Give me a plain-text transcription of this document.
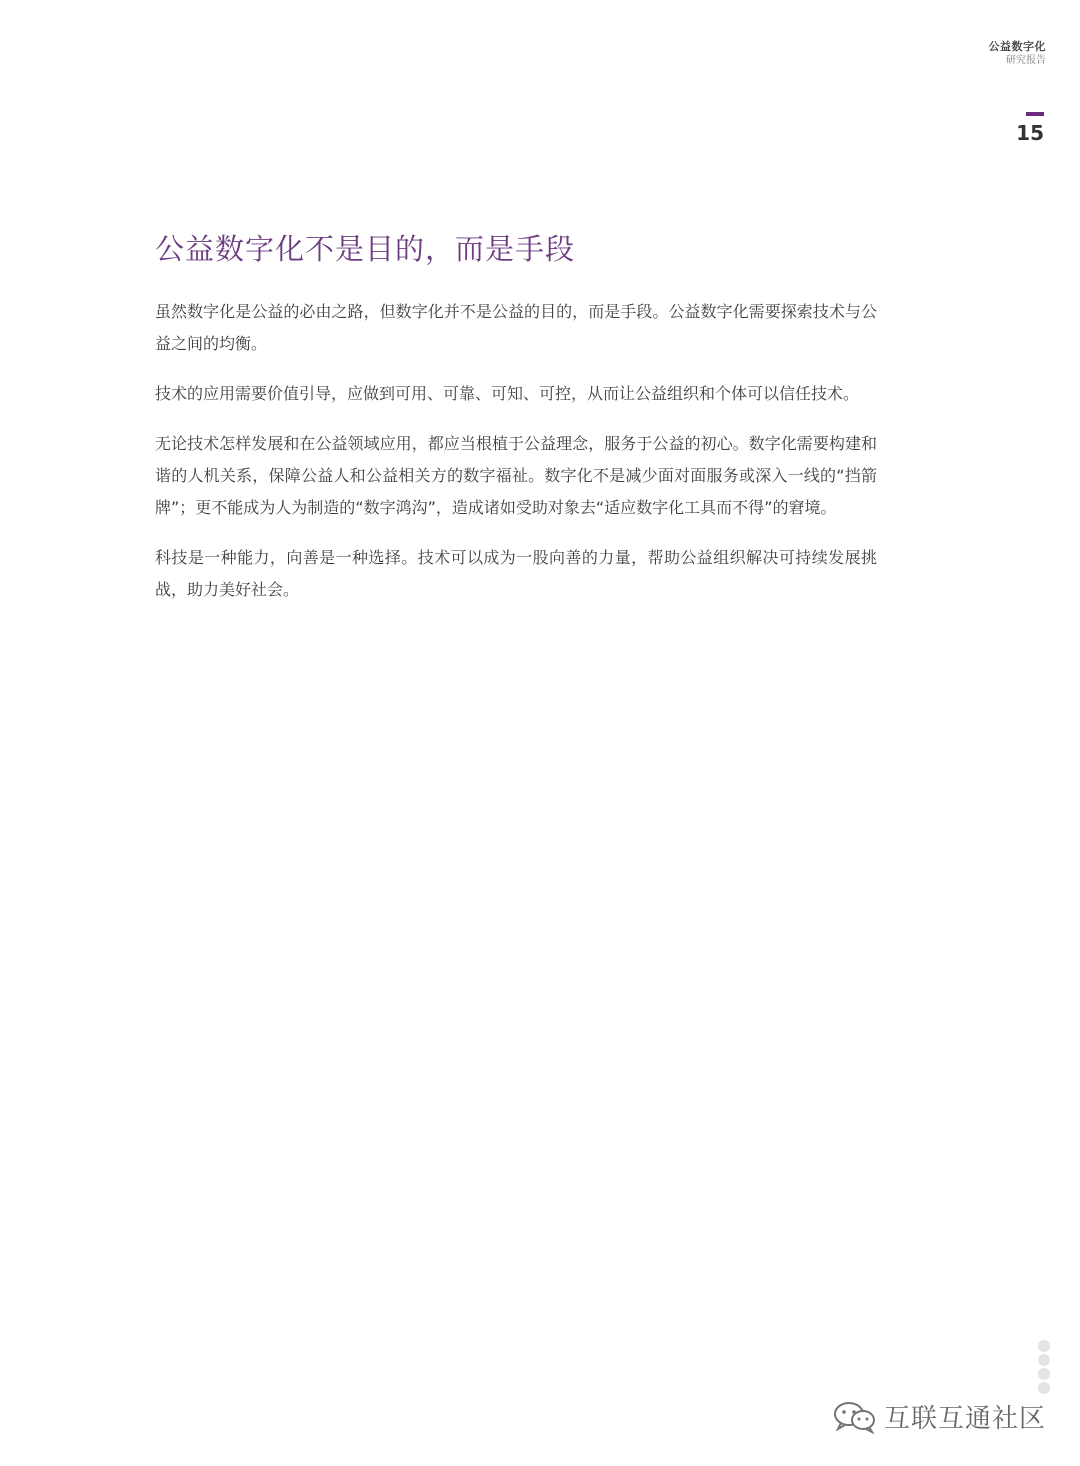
公益数字化
研究报告
15
公益数字化不是目的，而是手段

虽然数字化是公益的必由之路，但数字化并不是公益的目的，而是手段。公益数字化需要探索技术与公益之间的均衡。

技术的应用需要价值引导，应做到可用、可靠、可知、可控，从而让公益组织和个体可以信任技术。

无论技术怎样发展和在公益领域应用，都应当根植于公益理念，服务于公益的初心。数字化需要构建和谐的人机关系，保障公益人和公益相关方的数字福祉。数字化不是减少面对面服务或深入一线的“挡箭牌”；更不能成为人为制造的“数字鸿沟”，造成诸如受助对象去“适应数字化工具而不得”的窘境。

科技是一种能力，向善是一种选择。技术可以成为一股向善的力量，帮助公益组织解决可持续发展挑战，助力美好社会。

互联互通社区
